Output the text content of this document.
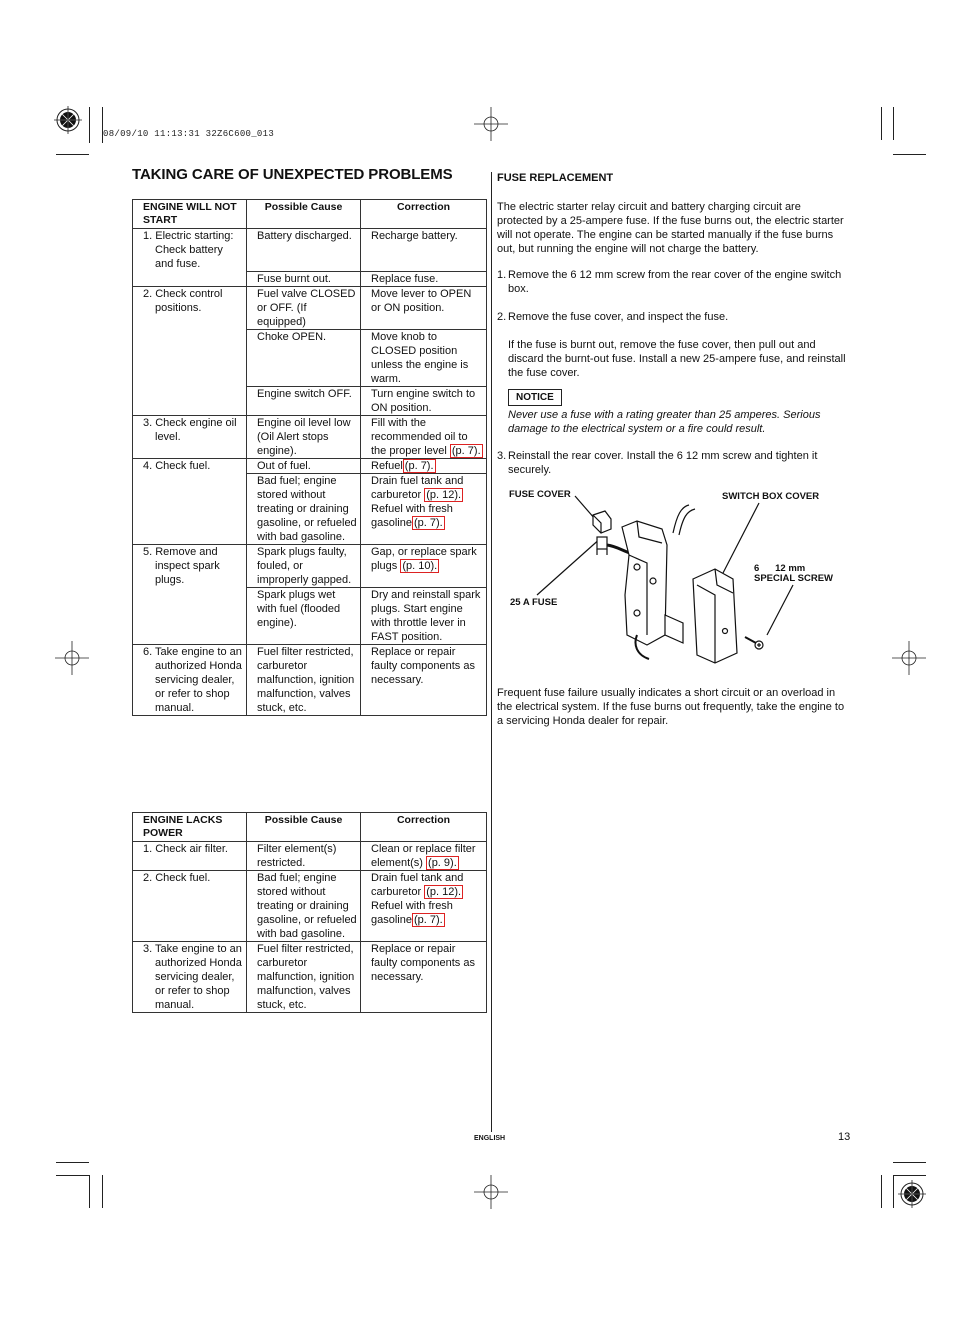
08/09/10 11:13:31 32Z6C600_013
TAKING CARE OF UNEXPECTED PROBLEMS
ENGINE WILL NOT START	Possible Cause	Correction

1. Electric starting: Check battery and fuse.	Battery discharged.	Recharge battery.
	Fuse burnt out.	Replace fuse.

2. Check control positions.	Fuel valve CLOSED or OFF. (If equipped)	Move lever to OPEN or ON position.
	Choke OPEN.	Move knob to CLOSED position unless the engine is warm.
	Engine switch OFF.	Turn engine switch to ON position.

3. Check engine oil level.	Engine oil level low (Oil Alert stops engine).	Fill with the recommended oil to the proper level (p. 7).

4. Check fuel.	Out of fuel.	Refuel (p. 7).
	Bad fuel; engine stored without treating or draining gasoline, or refueled with bad gasoline.	Drain fuel tank and carburetor (p. 12). Refuel with fresh gasoline (p. 7).

5. Remove and inspect spark plugs.	Spark plugs faulty, fouled, or improperly gapped.	Gap, or replace spark plugs (p. 10).
	Spark plugs wet with fuel (flooded engine).	Dry and reinstall spark plugs. Start engine with throttle lever in FAST position.

6. Take engine to an authorized Honda servicing dealer, or refer to shop manual.	Fuel filter restricted, carburetor malfunction, ignition malfunction, valves stuck, etc.	Replace or repair faulty components as necessary.
ENGINE LACKS POWER	Possible Cause	Correction

1. Check air filter.	Filter element(s) restricted.	Clean or replace filter element(s) (p. 9).

2. Check fuel.	Bad fuel; engine stored without treating or draining gasoline, or refueled with bad gasoline.	Drain fuel tank and carburetor (p. 12). Refuel with fresh gasoline (p. 7).

3. Take engine to an authorized Honda servicing dealer, or refer to shop manual.	Fuel filter restricted, carburetor malfunction, ignition malfunction, valves stuck, etc.	Replace or repair faulty components as necessary.
FUSE REPLACEMENT

The electric starter relay circuit and battery charging circuit are protected by a 25-ampere fuse. If the fuse burns out, the electric starter will not operate. The engine can be started manually if the fuse burns out, but running the engine will not charge the battery.

1. Remove the 6 12 mm screw from the rear cover of the engine switch box.
2. Remove the fuse cover, and inspect the fuse.
If the fuse is burnt out, remove the fuse cover, then pull out and discard the burnt-out fuse. Install a new 25-ampere fuse, and reinstall the fuse cover.
NOTICE
Never use a fuse with a rating greater than 25 amperes. Serious damage to the electrical system or a fire could result.
3. Reinstall the rear cover. Install the 6 12 mm screw and tighten it securely.
FUSE COVER	SWITCH BOX COVER
6      12 mm
SPECIAL SCREW
25 A FUSE

Frequent fuse failure usually indicates a short circuit or an overload in the electrical system. If the fuse burns out frequently, take the engine to a servicing Honda dealer for repair.

ENGLISH	13
